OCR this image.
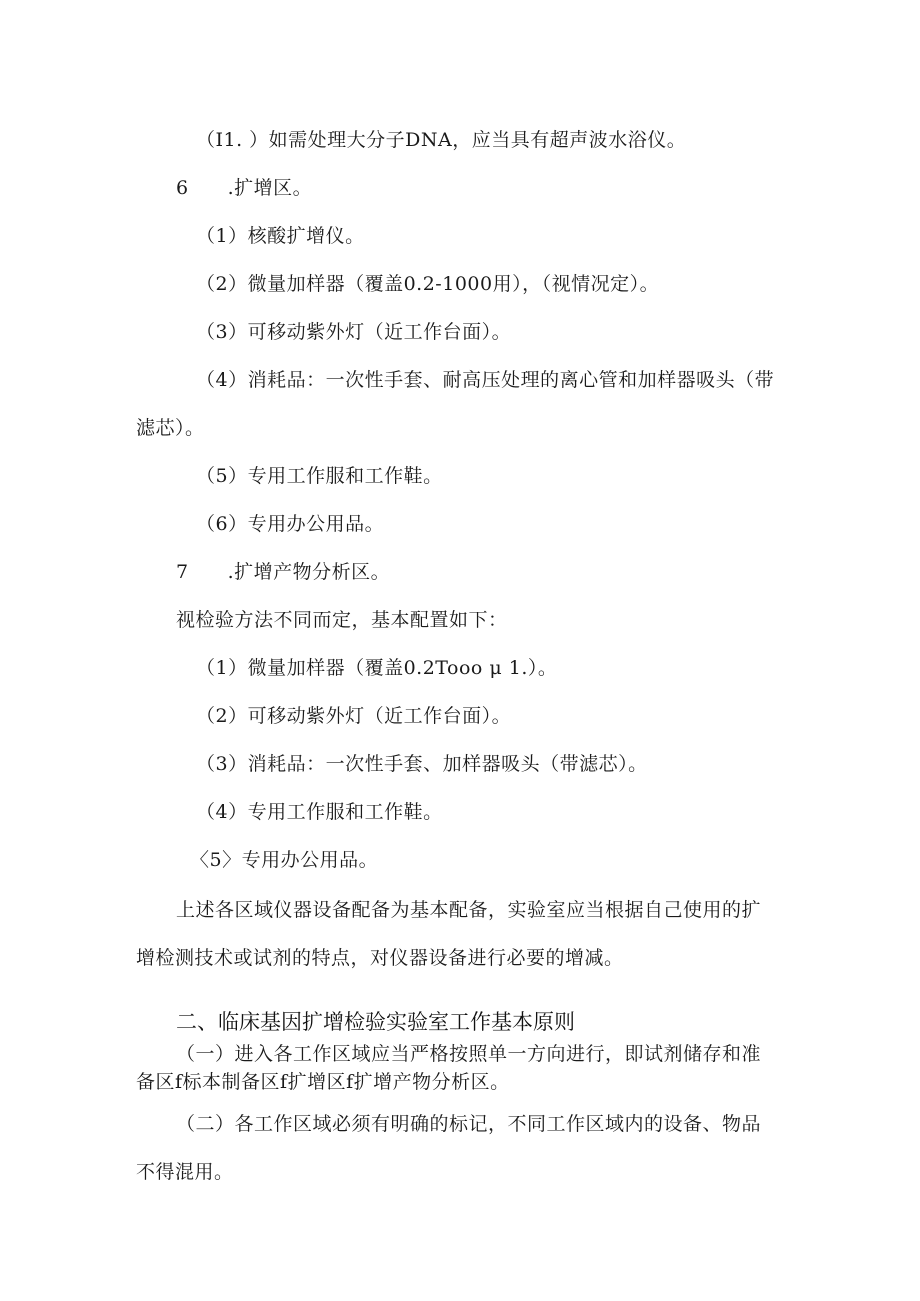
（I1. ）如需处理大分子DNA，应当具有超声波水浴仪。
6　　.扩增区。
（1）核酸扩增仪。
（2）微量加样器（覆盖0.2-1000用），（视情况定）。
（3）可移动紫外灯（近工作台面）。
（4）消耗品：一次性手套、耐高压处理的离心管和加样器吸头（带
滤芯）。
（5）专用工作服和工作鞋。
（6）专用办公用品。
7　　.扩增产物分析区。
视检验方法不同而定，基本配置如下：
（1）微量加样器（覆盖0.2Tooo μ 1.）。
（2）可移动紫外灯（近工作台面）。
（3）消耗品：一次性手套、加样器吸头（带滤芯）。
（4）专用工作服和工作鞋。
〈5〉专用办公用品。
上述各区域仪器设备配备为基本配备，实验室应当根据自己使用的扩
增检测技术或试剂的特点，对仪器设备进行必要的增减。
二、临床基因扩增检验实验室工作基本原则
（一）进入各工作区域应当严格按照单一方向进行，即试剂储存和准
备区f标本制备区f扩增区f扩增产物分析区。
（二）各工作区域必须有明确的标记，不同工作区域内的设备、物品
不得混用。
